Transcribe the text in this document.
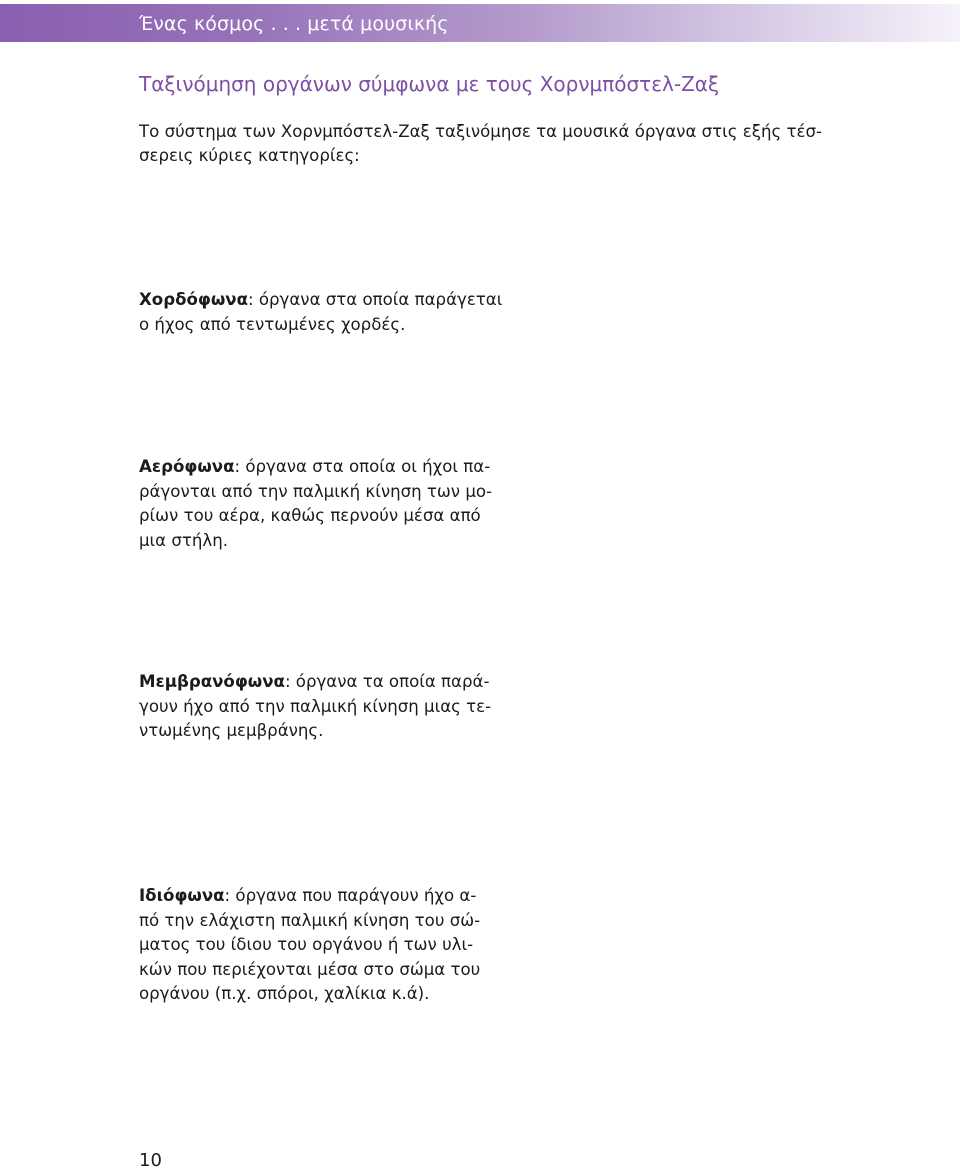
Ένας κόσμος . . . μετά μουσικής
Ταξινόμηση οργάνων σύμφωνα με τους Χορνμπόστελ-Ζαξ
Το σύστημα των Χορνμπόστελ-Ζαξ ταξινόμησε τα μουσικά όργανα στις εξής τέσ-
σερεις κύριες κατηγορίες:
Χορδόφωνα: όργανα στα οποία παράγεται
ο ήχος από τεντωμένες χορδές.
Αερόφωνα: όργανα στα οποία οι ήχοι πα-
ράγονται από την παλμική κίνηση των μο-
ρίων του αέρα, καθώς περνούν μέσα από
μια στήλη.
Μεμβρανόφωνα: όργανα τα οποία παρά-
γουν ήχο από την παλμική κίνηση μιας τε-
ντωμένης μεμβράνης.
Ιδιόφωνα: όργανα που παράγουν ήχο α-
πό την ελάχιστη παλμική κίνηση του σώ-
ματος του ίδιου του οργάνου ή των υλι-
κών που περιέχονται μέσα στο σώμα του
οργάνου (π.χ. σπόροι, χαλίκια κ.ά).
10
